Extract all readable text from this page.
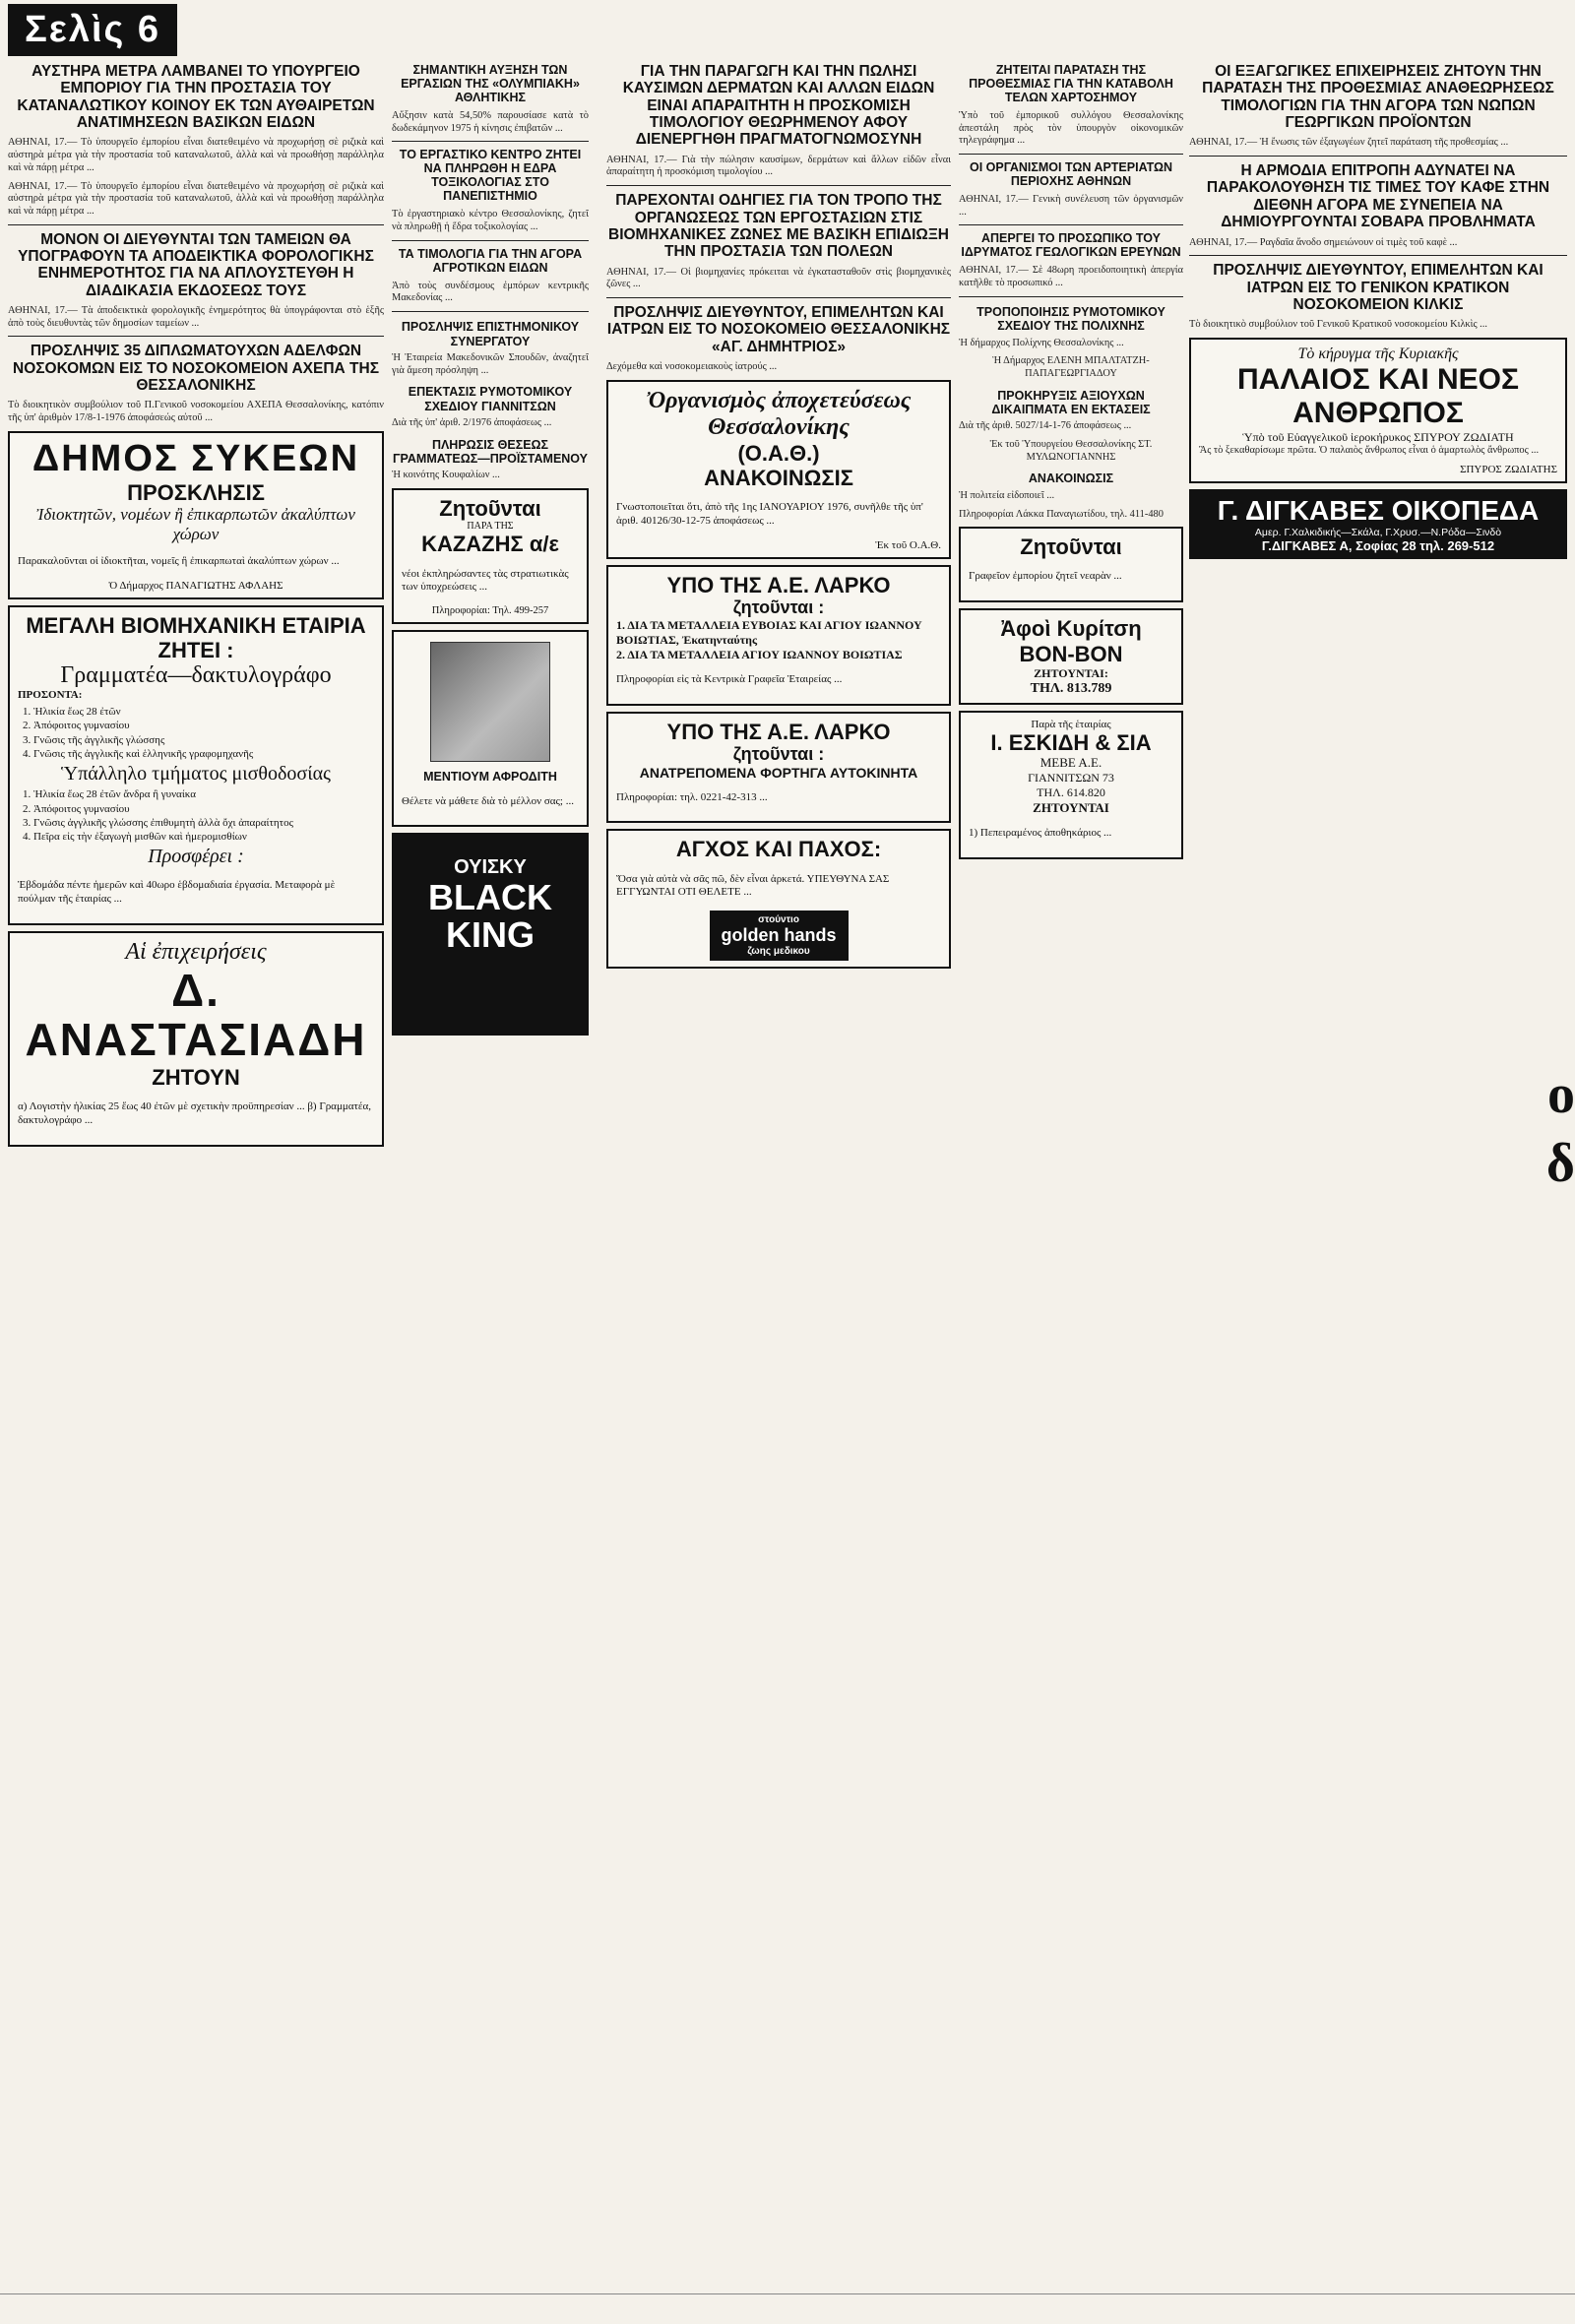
Σελὶς 6
ΑΥΣΤΗΡΑ ΜΕΤΡΑ ΛΑΜΒΑΝΕΙ ΤΟ ΥΠΟΥΡΓΕΙΟ ΕΜΠΟΡΙΟΥ ΓΙΑ ΤΗΝ ΠΡΟΣΤΑΣΙΑ ΤΟΥ ΚΑΤΑΝΑΛΩΤΙΚΟΥ ΚΟΙΝΟΥ ΕΚ ΤΩΝ ΑΥΘΑΙΡΕΤΩΝ ΑΝΑΤΙΜΗΣΕΩΝ ΒΑΣΙΚΩΝ ΕΙΔΩΝ

ΑΘΗΝΑΙ, 17.— Τὸ ὑπουργεῖο ἐμπορίου εἶναι διατεθειμένο νὰ προχωρήσῃ σὲ ριζικὰ καὶ αὐστηρὰ μέτρα γιὰ τὴν προστασία τοῦ καταναλωτοῦ, ἀλλὰ καὶ νὰ προωθήσῃ παράλληλα καὶ νὰ πάρῃ μέτρα ...

ΑΘΗΝΑΙ, 17.— Τὸ ὑπουργεῖο ἐμπορίου εἶναι διατεθειμένο νὰ προχωρήσῃ σὲ ριζικὰ καὶ αὐστηρὰ μέτρα γιὰ τὴν προστασία τοῦ καταναλωτοῦ, ἀλλὰ καὶ νὰ προωθήσῃ παράλληλα καὶ νὰ πάρῃ μέτρα ...

ΜΟΝΟΝ ΟΙ ΔΙΕΥΘΥΝΤΑΙ ΤΩΝ ΤΑΜΕΙΩΝ ΘΑ ΥΠΟΓΡΑΦΟΥΝ ΤΑ ΑΠΟΔΕΙΚΤΙΚΑ ΦΟΡΟΛΟΓΙΚΗΣ ΕΝΗΜΕΡΟΤΗΤΟΣ ΓΙΑ ΝΑ ΑΠΛΟΥΣΤΕΥΘΗ Η ΔΙΑΔΙΚΑΣΙΑ ΕΚΔΟΣΕΩΣ ΤΟΥΣ

ΑΘΗΝΑΙ, 17.— Τὰ ἀποδεικτικὰ φορολογικῆς ἐνημερότητος θὰ ὑπογράφονται στὸ ἑξῆς ἀπὸ τοὺς διευθυντὰς τῶν δημοσίων ταμείων ...

ΠΡΟΣΛΗΨΙΣ 35 ΔΙΠΛΩΜΑΤΟΥΧΩΝ ΑΔΕΛΦΩΝ ΝΟΣΟΚΟΜΩΝ ΕΙΣ ΤΟ ΝΟΣΟΚΟΜΕΙΟΝ ΑΧΕΠΑ ΤΗΣ ΘΕΣΣΑΛΟΝΙΚΗΣ

Τὸ διοικητικὸν συμβούλιον τοῦ Π.Γενικοῦ νοσοκομείου ΑΧΕΠΑ Θεσσαλονίκης, κατόπιν τῆς ὑπ' ἀριθμὸν 17/8-1-1976 ἀποφάσεώς αὐτοῦ ...

ΔΗΜΟΣ ΣΥΚΕΩΝ
ΠΡΟΣΚΛΗΣΙΣ
Ἰδιοκτητῶν, νομέων ἢ ἐπικαρπωτῶν ἀκαλύπτων χώρων

Παρακαλοῦνται οἱ ἰδιοκτῆται, νομεῖς ἢ ἐπικαρπωταὶ ἀκαλύπτων χώρων ...

Ὁ Δήμαρχος ΠΑΝΑΓΙΩΤΗΣ ΑΦΛΑΗΣ
ΜΕΓΑΛΗ ΒΙΟΜΗΧΑΝΙΚΗ ΕΤΑΙΡΙΑ
ΖΗΤΕΙ :
Γραμματέα—δακτυλογράφο
ΠΡΟΣΟΝΤΑ:
1. Ἡλικία ἕως 28 ἐτῶν
2. Ἀπόφοιτος γυμνασίου
3. Γνῶσις τῆς ἀγγλικῆς γλώσσης
4. Γνῶσις τῆς ἀγγλικῆς καὶ ἑλληνικῆς γραφομηχανῆς
Ὑπάλληλο τμήματος μισθοδοσίας
1. Ἡλικία ἕως 28 ἐτῶν ἄνδρα ἢ γυναίκα
2. Ἀπόφοιτος γυμνασίου
3. Γνῶσις ἀγγλικῆς γλώσσης ἐπιθυμητὴ ἀλλὰ ὄχι ἀπαραίτητος
4. Πεῖρα εἰς τὴν ἐξαγωγὴ μισθῶν καὶ ἡμερομισθίων
Προσφέρει :

Ἑβδομάδα πέντε ἡμερῶν καὶ 40ωρο ἑβδομαδιαία ἐργασία. Μεταφορὰ μὲ πούλμαν τῆς ἑταιρίας ...

Αἱ ἐπιχειρήσεις
Δ. ΑΝΑΣΤΑΣΙΑΔΗ
ΖΗΤΟΥΝ

α) Λογιστὴν ἡλικίας 25 ἕως 40 ἐτῶν μὲ σχετικὴν προϋπηρεσίαν ... β) Γραμματέα, δακτυλογράφο ...

ΣΗΜΑΝΤΙΚΗ ΑΥΞΗΣΗ ΤΩΝ ΕΡΓΑΣΙΩΝ ΤΗΣ «ΟΛΥΜΠΙΑΚΗ» ΑΘΛΗΤΙΚΗΣ

Αὔξησιν κατὰ 54,50% παρουσίασε κατὰ τὸ δωδεκάμηνον 1975 ἡ κίνησις ἐπιβατῶν ...

ΤΟ ΕΡΓΑΣΤΙΚΟ ΚΕΝΤΡΟ ΖΗΤΕΙ ΝΑ ΠΛΗΡΩΘΗ Η ΕΔΡΑ ΤΟΞΙΚΟΛΟΓΙΑΣ ΣΤΟ ΠΑΝΕΠΙΣΤΗΜΙΟ

Τὸ ἐργαστηριακὸ κέντρο Θεσσαλονίκης, ζητεῖ νὰ πληρωθῇ ἡ ἕδρα τοξικολογίας ...

ΤΑ ΤΙΜΟΛΟΓΙΑ ΓΙΑ ΤΗΝ ΑΓΟΡΑ ΑΓΡΟΤΙΚΩΝ ΕΙΔΩΝ

Ἀπὸ τοὺς συνδέσμους ἐμπόρων κεντρικῆς Μακεδονίας ...

ΠΡΟΣΛΗΨΙΣ ΕΠΙΣΤΗΜΟΝΙΚΟΥ ΣΥΝΕΡΓΑΤΟΥ

Ἡ Ἑταιρεία Μακεδονικῶν Σπουδῶν, ἀναζητεῖ γιὰ ἄμεση πρόσληψη ...

ΕΠΕΚΤΑΣΙΣ ΡΥΜΟΤΟΜΙΚΟΥ ΣΧΕΔΙΟΥ ΓΙΑΝΝΙΤΣΩΝ

Διὰ τῆς ὑπ' ἀριθ. 2/1976 ἀποφάσεως ...

ΠΛΗΡΩΣΙΣ ΘΕΣΕΩΣ ΓΡΑΜΜΑΤΕΩΣ—ΠΡΟΪΣΤΑΜΕΝΟΥ

Ἡ κοινότης Κουφαλίων ...

Ζητοῦνται
ΠΑΡΑ ΤΗΣ
ΚΑΖΑΖΗΣ α/ε

νέοι ἐκπληρώσαντες τὰς στρατιωτικὰς των ὑποχρεώσεις ...

Πληροφορίαι: Τηλ. 499-257
ΜΕΝΤΙΟΥΜ ΑΦΡΟΔΙΤΗ

Θέλετε νὰ μάθετε διὰ τὸ μέλλον σας; ...

ΟΥΙΣΚΥ
BLACK KING
ΓΙΑ ΤΗΝ ΠΑΡΑΓΩΓΗ ΚΑΙ ΤΗΝ ΠΩΛΗΣΙ ΚΑΥΣΙΜΩΝ ΔΕΡΜΑΤΩΝ ΚΑΙ ΑΛΛΩΝ ΕΙΔΩΝ ΕΙΝΑΙ ΑΠΑΡΑΙΤΗΤΗ Η ΠΡΟΣΚΟΜΙΣΗ ΤΙΜΟΛΟΓΙΟΥ ΘΕΩΡΗΜΕΝΟΥ ΑΦΟΥ ΔΙΕΝΕΡΓΗΘΗ ΠΡΑΓΜΑΤΟΓΝΩΜΟΣΥΝΗ

ΑΘΗΝΑΙ, 17.— Γιὰ τὴν πώλησιν καυσίμων, δερμάτων καὶ ἄλλων εἰδῶν εἶναι ἀπαραίτητη ἡ προσκόμιση τιμολογίου ...

ΠΑΡΕΧΟΝΤΑΙ ΟΔΗΓΙΕΣ ΓΙΑ ΤΟΝ ΤΡΟΠΟ ΤΗΣ ΟΡΓΑΝΩΣΕΩΣ ΤΩΝ ΕΡΓΟΣΤΑΣΙΩΝ ΣΤΙΣ ΒΙΟΜΗΧΑΝΙΚΕΣ ΖΩΝΕΣ ΜΕ ΒΑΣΙΚΗ ΕΠΙΔΙΩΞΗ ΤΗΝ ΠΡΟΣΤΑΣΙΑ ΤΩΝ ΠΟΛΕΩΝ

ΑΘΗΝΑΙ, 17.— Οἱ βιομηχανίες πρόκειται νὰ ἐγκατασταθοῦν στὶς βιομηχανικὲς ζῶνες ...

ΠΡΟΣΛΗΨΙΣ ΔΙΕΥΘΥΝΤΟΥ, ΕΠΙΜΕΛΗΤΩΝ ΚΑΙ ΙΑΤΡΩΝ ΕΙΣ ΤΟ ΝΟΣΟΚΟΜΕΙΟ ΘΕΣΣΑΛΟΝΙΚΗΣ «ΑΓ. ΔΗΜΗΤΡΙΟΣ»

Δεχόμεθα καὶ νοσοκομειακοὺς ἰατρούς ...

Ὀργανισμὸς ἀποχετεύσεως Θεσσαλονίκης
(Ο.Α.Θ.)
ΑΝΑΚΟΙΝΩΣΙΣ

Γνωστοποιεῖται ὅτι, ἀπὸ τῆς 1ης ΙΑΝΟΥΑΡΙΟΥ 1976, συνῆλθε τῆς ὑπ' ἀριθ. 40126/30-12-75 ἀποφάσεως ...

Ἐκ τοῦ Ο.Α.Θ.
ΥΠΟ ΤΗΣ Α.Ε. ΛΑΡΚΟ
ζητοῦνται :
1. ΔΙΑ ΤΑ ΜΕΤΑΛΛΕΙΑ ΕΥΒΟΙΑΣ ΚΑΙ ΑΓΙΟΥ ΙΩΑΝΝΟΥ ΒΟΙΩΤΙΑΣ, Ἐκατηνταύτης
2. ΔΙΑ ΤΑ ΜΕΤΑΛΛΕΙΑ ΑΓΙΟΥ ΙΩΑΝΝΟΥ ΒΟΙΩΤΙΑΣ

Πληροφορίαι εἰς τὰ Κεντρικὰ Γραφεῖα Ἑταιρείας ...

ΥΠΟ ΤΗΣ Α.Ε. ΛΑΡΚΟ
ζητοῦνται :
ΑΝΑΤΡΕΠΟΜΕΝΑ ΦΟΡΤΗΓΑ ΑΥΤΟΚΙΝΗΤΑ

Πληροφορίαι: τηλ. 0221-42-313 ...

ΑΓΧΟΣ ΚΑΙ ΠΑΧΟΣ:

Ὅσα γιὰ αὐτὰ νὰ σᾶς πῶ, δὲν εἶναι ἀρκετά. ΥΠΕΥΘΥΝΑ ΣΑΣ ΕΓΓΥΩΝΤΑΙ ΟΤΙ ΘΕΛΕΤΕ ...

στούντιο
golden hands
ζωης μεδικου
ΖΗΤΕΙΤΑΙ ΠΑΡΑΤΑΣΗ ΤΗΣ ΠΡΟΘΕΣΜΙΑΣ ΓΙΑ ΤΗΝ ΚΑΤΑΒΟΛΗ ΤΕΛΩΝ ΧΑΡΤΟΣΗΜΟΥ

Ὑπὸ τοῦ ἐμπορικοῦ συλλόγου Θεσσαλονίκης ἀπεστάλη πρὸς τὸν ὑπουργὸν οἰκονομικῶν τηλεγράφημα ...

ΟΙ ΟΡΓΑΝΙΣΜΟΙ ΤΩΝ ΑΡΤΕΡΙΑΤΩΝ ΠΕΡΙΟΧΗΣ ΑΘΗΝΩΝ

ΑΘΗΝΑΙ, 17.— Γενικὴ συνέλευση τῶν ὀργανισμῶν ...

ΑΠΕΡΓΕΙ ΤΟ ΠΡΟΣΩΠΙΚΟ ΤΟΥ ΙΔΡΥΜΑΤΟΣ ΓΕΩΛΟΓΙΚΩΝ ΕΡΕΥΝΩΝ

ΑΘΗΝΑΙ, 17.— Σὲ 48ωρη προειδοποιητικὴ ἀπεργία κατῆλθε τὸ προσωπικό ...

ΤΡΟΠΟΠΟΙΗΣΙΣ ΡΥΜΟΤΟΜΙΚΟΥ ΣΧΕΔΙΟΥ ΤΗΣ ΠΟΛΙΧΝΗΣ

Ἡ δήμαρχος Πολίχνης Θεσσαλονίκης ...

Ἡ Δήμαρχος ΕΛΕΝΗ ΜΠΑΛΤΑΤΖΗ-ΠΑΠΑΓΕΩΡΓΙΑΔΟΥ
ΠΡΟΚΗΡΥΞΙΣ ΑΞΙΟΥΧΩΝ ΔΙΚΑΙΠΜΑΤΑ ΕΝ ΕΚΤΑΣΕΙΣ

Διὰ τῆς ἀριθ. 5027/14-1-76 ἀποφάσεως ...

Ἐκ τοῦ Ὑπουργείου Θεσσαλονίκης ΣΤ. ΜΥΛΩΝΟΓΙΑΝΝΗΣ
ΑΝΑΚΟΙΝΩΣΙΣ

Ἡ πολιτεία εἰδοποιεῖ ...

Πληροφορίαι Λάκκα Παναγιωτίδου, τηλ. 411-480
Ζητοῦνται

Γραφεῖον ἐμπορίου ζητεῖ νεαρὰν ...

Ἀφοὶ Κυρίτση
ΒΟΝ-ΒΟΝ
ΖΗΤΟΥΝΤΑΙ:
ΤΗΛ. 813.789
Παρὰ τῆς ἑταιρίας
Ι. ΕΣΚΙΔΗ & ΣΙΑ
ΜΕΒΕ Α.Ε.
ΓΙΑΝΝΙΤΣΩΝ 73
ΤΗΛ. 614.820
ΖΗΤΟΥΝΤΑΙ

1) Πεπειραμένος ἀποθηκάριος ...

ΟΙ ΕΞΑΓΩΓΙΚΕΣ ΕΠΙΧΕΙΡΗΣΕΙΣ ΖΗΤΟΥΝ ΤΗΝ ΠΑΡΑΤΑΣΗ ΤΗΣ ΠΡΟΘΕΣΜΙΑΣ ΑΝΑΘΕΩΡΗΣΕΩΣ ΤΙΜΟΛΟΓΙΩΝ ΓΙΑ ΤΗΝ ΑΓΟΡΑ ΤΩΝ ΝΩΠΩΝ ΓΕΩΡΓΙΚΩΝ ΠΡΟΪΟΝΤΩΝ

ΑΘΗΝΑΙ, 17.— Ἡ ἔνωσις τῶν ἐξαγωγέων ζητεῖ παράταση τῆς προθεσμίας ...

Η ΑΡΜΟΔΙΑ ΕΠΙΤΡΟΠΗ ΑΔΥΝΑΤΕΙ ΝΑ ΠΑΡΑΚΟΛΟΥΘΗΣΗ ΤΙΣ ΤΙΜΕΣ ΤΟΥ ΚΑΦΕ ΣΤΗΝ ΔΙΕΘΝΗ ΑΓΟΡΑ ΜΕ ΣΥΝΕΠΕΙΑ ΝΑ ΔΗΜΙΟΥΡΓΟΥΝΤΑΙ ΣΟΒΑΡΑ ΠΡΟΒΛΗΜΑΤΑ

ΑΘΗΝΑΙ, 17.— Ραγδαῖα ἄνοδο σημειώνουν οἱ τιμὲς τοῦ καφὲ ...

ΠΡΟΣΛΗΨΙΣ ΔΙΕΥΘΥΝΤΟΥ, ΕΠΙΜΕΛΗΤΩΝ ΚΑΙ ΙΑΤΡΩΝ ΕΙΣ ΤΟ ΓΕΝΙΚΟΝ ΚΡΑΤΙΚΟΝ ΝΟΣΟΚΟΜΕΙΟΝ ΚΙΛΚΙΣ

Τὸ διοικητικὸ συμβούλιον τοῦ Γενικοῦ Κρατικοῦ νοσοκομείου Κιλκὶς ...

Τὸ κήρυγμα τῆς Κυριακῆς
ΠΑΛΑΙΟΣ ΚΑΙ ΝΕΟΣ ΑΝΘΡΩΠΟΣ
Ὑπὸ τοῦ Εὐαγγελικοῦ ἱεροκήρυκος ΣΠΥΡΟΥ ΖΩΔΙΑΤΗ

Ἂς τὸ ξεκαθαρίσωμε πρῶτα. Ὁ παλαιὸς ἄνθρωπος εἶναι ὁ ἁμαρτωλὸς ἄνθρωπος ...

ΣΠΥΡΟΣ ΖΩΔΙΑΤΗΣ
Γ. ΔΙΓΚΑΒΕΣ ΟΙΚΟΠΕΔΑ
Αμερ. Γ.Χαλκιδικής—Σκάλα, Γ.Χρυσ.—Ν.Ρόδα—Σινδὸ
Γ.ΔΙΓΚΑΒΕΣ Α, Σοφίας 28 τηλ. 269-512
ο
δ
